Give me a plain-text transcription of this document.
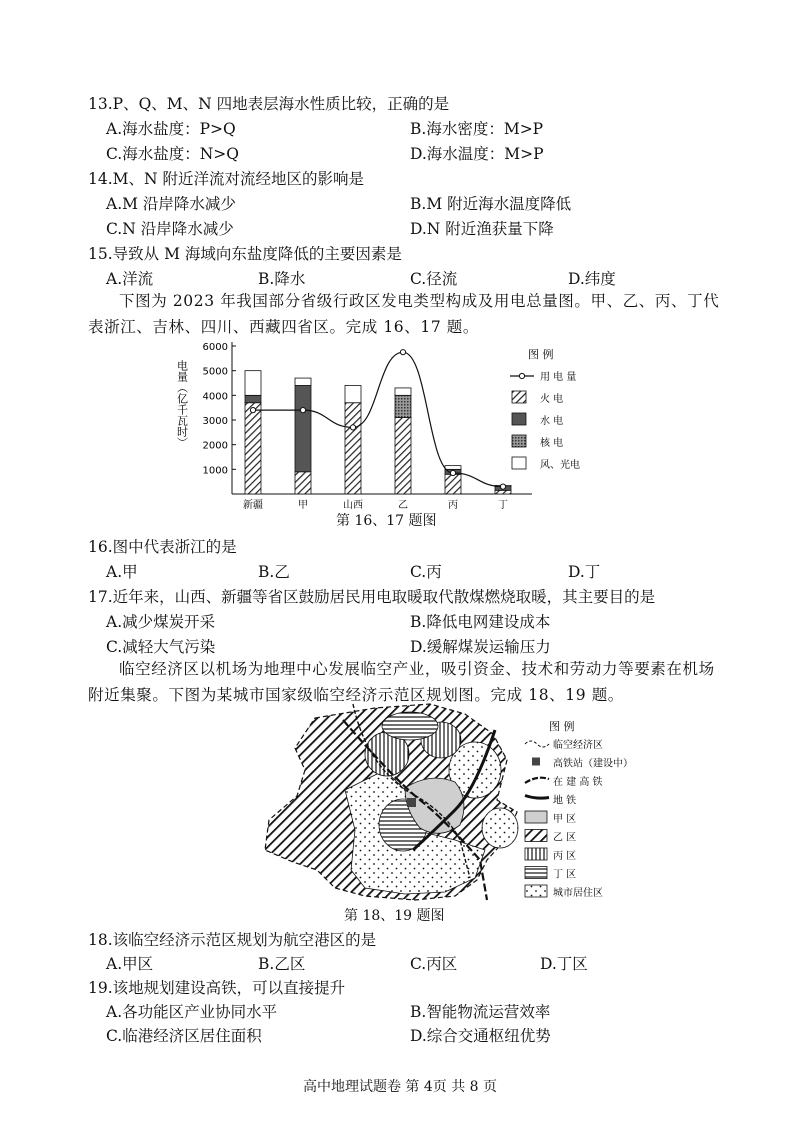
13.P、Q、M、N 四地表层海水性质比较，正确的是
A.海水盐度：P>Q	B.海水密度：M>P
C.海水盐度：N>Q	D.海水温度：M>P
14.M、N 附近洋流对流经地区的影响是
A.M 沿岸降水减少	B.M 附近海水温度降低
C.N 沿岸降水减少	D.N 附近渔获量下降
15.导致从 M 海域向东盐度降低的主要因素是
A.洋流	B.降水	C.径流	D.纬度
下图为 2023 年我国部分省级行政区发电类型构成及用电总量图。甲、乙、丙、丁代表浙江、吉林、四川、西藏四省区。完成 16、17 题。
1000
2000
3000
4000
5000
6000
新疆	甲	山西	乙	丙	丁
图 例
用 电 量
火 电
水 电
核 电
风、光电
电量（亿千瓦时）
第 16、17 题图
16.图中代表浙江的是
A.甲	B.乙	C.丙	D.丁
17.近年来，山西、新疆等省区鼓励居民用电取暖取代散煤燃烧取暖，其主要目的是
A.减少煤炭开采	B.降低电网建设成本
C.减轻大气污染	D.缓解煤炭运输压力
临空经济区以机场为地理中心发展临空产业，吸引资金、技术和劳动力等要素在机场附近集聚。下图为某城市国家级临空经济示范区规划图。完成 18、19 题。
图 例
临空经济区
高铁站（建设中）
在 建 高 铁
地 铁
甲 区
乙 区
丙 区
丁 区
城市居住区
第 18、19 题图
18.该临空经济示范区规划为航空港区的是
A.甲区	B.乙区	C.丙区	D.丁区
19.该地规划建设高铁，可以直接提升
A.各功能区产业协同水平	B.智能物流运营效率
C.临港经济区居住面积	D.综合交通枢纽优势
高中地理试题卷 第 4页 共 8 页
